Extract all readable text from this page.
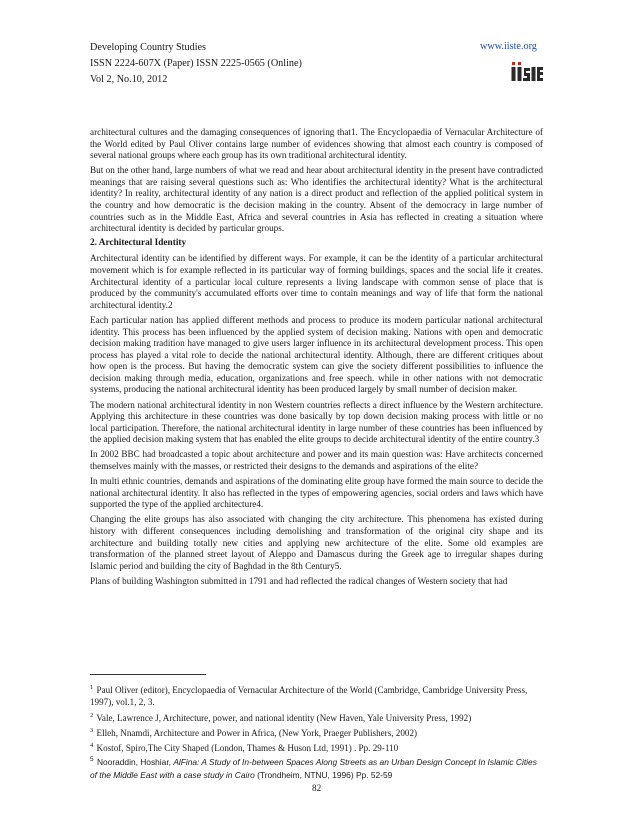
Developing Country Studies	www.iiste.org
ISSN 2224-607X (Paper) ISSN 2225-0565 (Online)
Vol 2, No.10, 2012

architectural cultures and the damaging consequences of ignoring that1. The Encyclopaedia of Vernacular Architecture of the World edited by Paul Oliver contains large number of evidences showing that almost each country is composed of several national groups where each group has its own traditional architectural identity.

But on the other hand, large numbers of what we read and hear about architectural identity in the present have contradicted meanings that are raising several questions such as: Who identifies the architectural identity? What is the architectural identity? In reality, architectural identity of any nation is a direct product and reflection of the applied political system in the country and how democratic is the decision making in the country. Absent of the democracy in large number of countries such as in the Middle East, Africa and several countries in Asia has reflected in creating a situation where architectural identity is decided by particular groups.

2. Architectural Identity

Architectural identity can be identified by different ways. For example, it can be the identity of a particular architectural movement which is for example reflected in its particular way of forming buildings, spaces and the social life it creates. Architectural identity of a particular local culture represents a living landscape with common sense of place that is produced by the community's accumulated efforts over time to contain meanings and way of life that form the national architectural identity.2

Each particular nation has applied different methods and process to produce its modern particular national architectural identity. This process has been influenced by the applied system of decision making. Nations with open and democratic decision making tradition have managed to give users larger influence in its architectural development process. This open process has played a vital role to decide the national architectural identity. Although, there are different critiques about how open is the process. But having the democratic system can give the society different possibilities to influence the decision making through media, education, organizations and free speech. while in other nations with not democratic systems, producing the national architectural identity has been produced largely by small number of decision maker.

The modern national architectural identity in non Western countries reflects a direct influence by the Western architecture. Applying this architecture in these countries was done basically by top down decision making process with little or no local participation. Therefore, the national architectural identity in large number of these countries has been influenced by the applied decision making system that has enabled the elite groups to decide architectural identity of the entire country.3

In 2002 BBC had broadcasted a topic about architecture and power and its main question was: Have architects concerned themselves mainly with the masses, or restricted their designs to the demands and aspirations of the elite?

In multi ethnic countries, demands and aspirations of the dominating elite group have formed the main source to decide the national architectural identity. It also has reflected in the types of empowering agencies, social orders and laws which have supported the type of the applied architecture4.

Changing the elite groups has also associated with changing the city architecture. This phenomena has existed during history with different consequences including demolishing and transformation of the original city shape and its architecture and building totally new cities and applying new architecture of the elite. Some old examples are transformation of the planned street layout of Aleppo and Damascus during the Greek age to irregular shapes during Islamic period and building the city of Baghdad in the 8th Century5.

Plans of building Washington submitted in 1791 and had reflected the radical changes of Western society that had

$^1$ Paul Oliver (editor), Encyclopaedia of Vernacular Architecture of the World (Cambridge, Cambridge University Press, 1997), vol.1, 2, 3.
$^2$ Vale, Lawrence J, Architecture, power, and national identity (New Haven, Yale University Press, 1992)
$^3$ Elleh, Nnamdi, Architecture and Power in Africa, (New York, Praeger Publishers, 2002)
$^4$ Kostof, Spiro,The City Shaped (London, Thames & Huson Ltd, 1991) . Pp. 29-110
$^5$ Nooraddin, Hoshiar, AlFina: A Study of In-between Spaces Along Streets as an Urban Design Concept In Islamic Cities of the Middle East with a case study in Cairo (Trondheim, NTNU, 1996) Pp. 52-59
82
